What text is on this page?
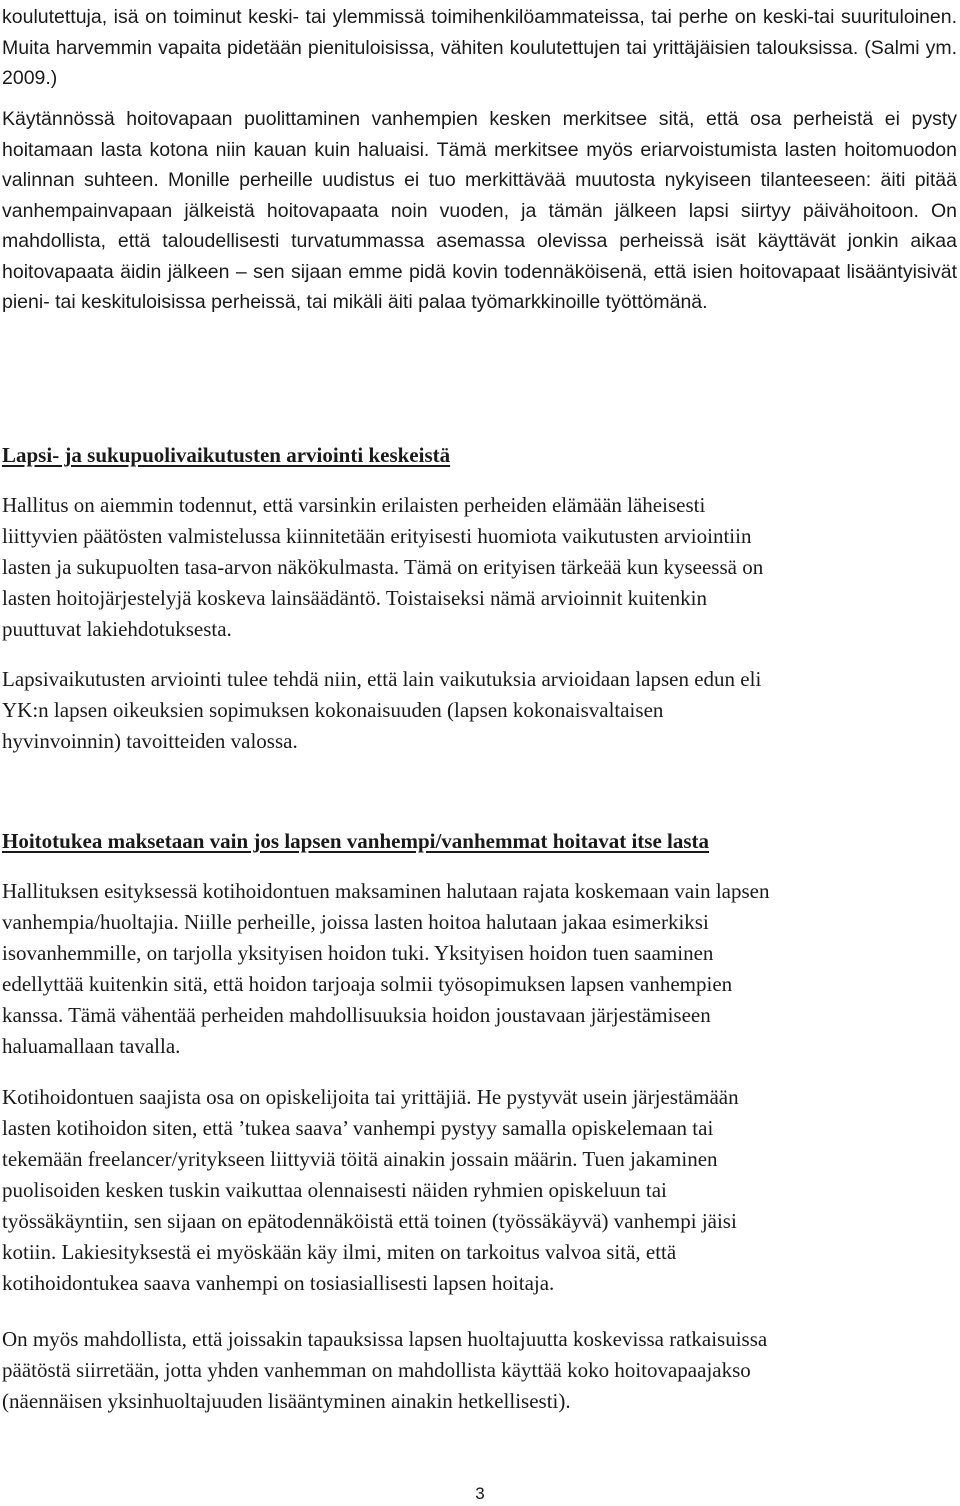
koulutettuja, isä on toiminut keski- tai ylemmissä toimihenkilöammateissa, tai perhe on keski-tai suurituloinen. Muita harvemmin vapaita pidetään pienituloisissa, vähiten koulutettujen tai yrittäjäisien talouksissa. (Salmi ym. 2009.)

Käytännössä hoitovapaan puolittaminen vanhempien kesken merkitsee sitä, että osa perheistä ei pysty hoitamaan lasta kotona niin kauan kuin haluaisi. Tämä merkitsee myös eriarvoistumista lasten hoitomuodon valinnan suhteen. Monille perheille uudistus ei tuo merkittävää muutosta nykyiseen tilanteeseen: äiti pitää vanhempainvapaan jälkeistä hoitovapaata noin vuoden, ja tämän jälkeen lapsi siirtyy päivähoitoon. On mahdollista, että taloudellisesti turvatummassa asemassa olevissa perheissä isät käyttävät jonkin aikaa hoitovapaata äidin jälkeen – sen sijaan emme pidä kovin todennäköisenä, että isien hoitovapaat lisääntyisivät pieni- tai keskituloisissa perheissä, tai mikäli äiti palaa työmarkkinoille työttömänä.

Lapsi- ja sukupuolivaikutusten arviointi keskeistä

Hallitus on aiemmin todennut, että varsinkin erilaisten perheiden elämään läheisesti
liittyvien päätösten valmistelussa kiinnitetään erityisesti huomiota vaikutusten arviointiin
lasten ja sukupuolten tasa-arvon näkökulmasta. Tämä on erityisen tärkeää kun kyseessä on
lasten hoitojärjestelyjä koskeva lainsäädäntö. Toistaiseksi nämä arvioinnit kuitenkin
puuttuvat lakiehdotuksesta.

Lapsivaikutusten arviointi tulee tehdä niin, että lain vaikutuksia arvioidaan lapsen edun eli
YK:n lapsen oikeuksien sopimuksen kokonaisuuden (lapsen kokonaisvaltaisen
hyvinvoinnin) tavoitteiden valossa.

Hoitotukea maksetaan vain jos lapsen vanhempi/vanhemmat hoitavat itse lasta

Hallituksen esityksessä kotihoidontuen maksaminen halutaan rajata koskemaan vain lapsen
vanhempia/huoltajia. Niille perheille, joissa lasten hoitoa halutaan jakaa esimerkiksi
isovanhemmille, on tarjolla yksityisen hoidon tuki. Yksityisen hoidon tuen saaminen
edellyttää kuitenkin sitä, että hoidon tarjoaja solmii työsopimuksen lapsen vanhempien
kanssa. Tämä vähentää perheiden mahdollisuuksia hoidon joustavaan järjestämiseen
haluamallaan tavalla.

Kotihoidontuen saajista osa on opiskelijoita tai yrittäjiä. He pystyvät usein järjestämään
lasten kotihoidon siten, että ’tukea saava’ vanhempi pystyy samalla opiskelemaan tai
tekemään freelancer/yritykseen liittyviä töitä ainakin jossain määrin. Tuen jakaminen
puolisoiden kesken tuskin vaikuttaa olennaisesti näiden ryhmien opiskeluun tai
työssäkäyntiin, sen sijaan on epätodennäköistä että toinen (työssäkäyvä) vanhempi jäisi
kotiin. Lakiesityksestä ei myöskään käy ilmi, miten on tarkoitus valvoa sitä, että
kotihoidontukea saava vanhempi on tosiasiallisesti lapsen hoitaja.

On myös mahdollista, että joissakin tapauksissa lapsen huoltajuutta koskevissa ratkaisuissa
päätöstä siirretään, jotta yhden vanhemman on mahdollista käyttää koko hoitovapaajakso
(näennäisen yksinhuoltajuuden lisääntyminen ainakin hetkellisesti).

3
